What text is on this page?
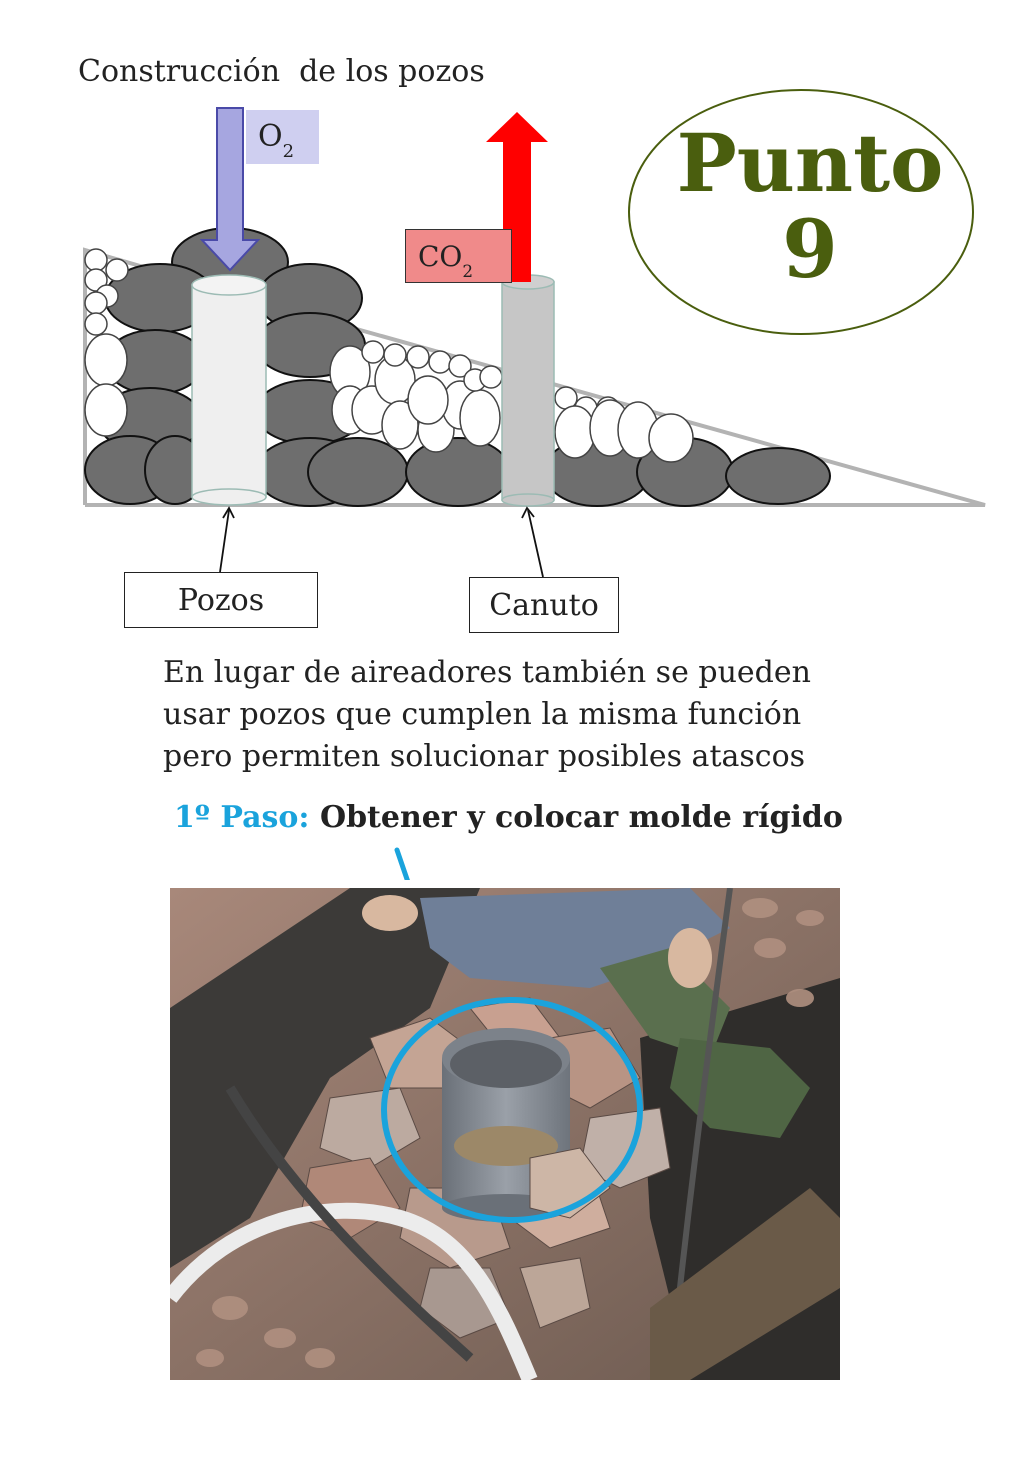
Construcción  de los pozos
$O_2$
$CO_2$
Punto
9
Pozos	Canuto
En lugar de aireadores también se pueden
usar pozos que cumplen la misma función
pero permiten solucionar posibles atascos
1º Paso: Obtener y colocar molde rígido
